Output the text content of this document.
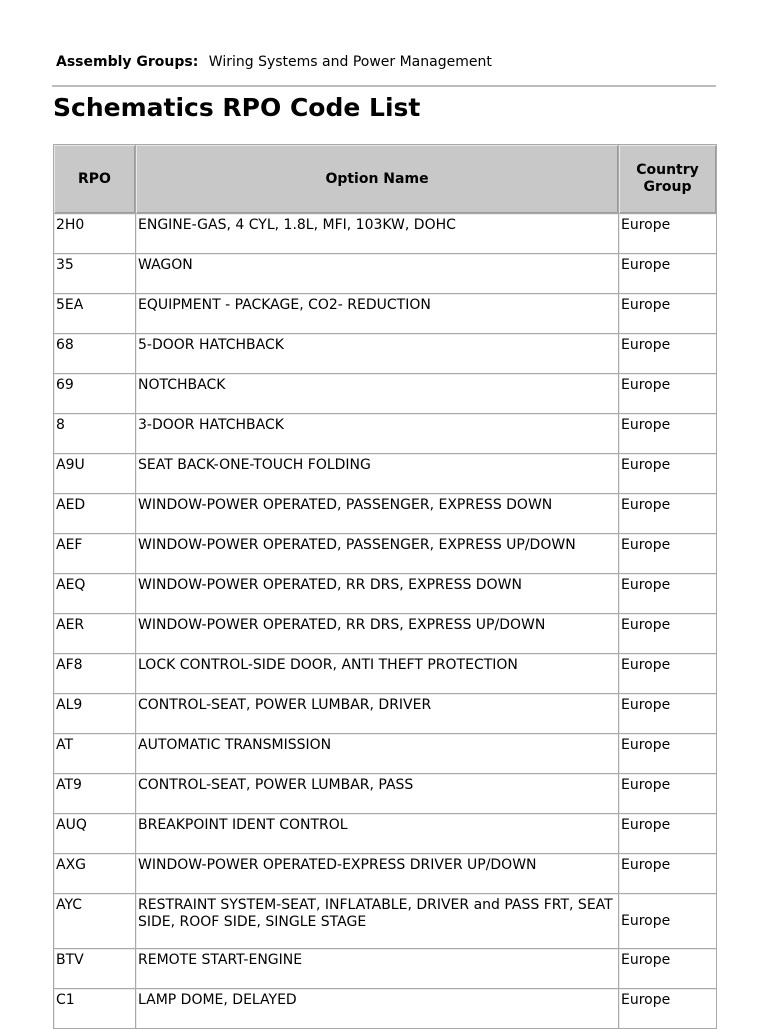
Assembly Groups: Wiring Systems and Power Management
Schematics RPO Code List
RPO	Option Name	Country
Group
2H0	ENGINE-GAS, 4 CYL, 1.8L, MFI, 103KW, DOHC	Europe
35	WAGON	Europe
5EA	EQUIPMENT - PACKAGE, CO2- REDUCTION	Europe
68	5-DOOR HATCHBACK	Europe
69	NOTCHBACK	Europe
8	3-DOOR HATCHBACK	Europe
A9U	SEAT BACK-ONE-TOUCH FOLDING	Europe
AED	WINDOW-POWER OPERATED, PASSENGER, EXPRESS DOWN	Europe
AEF	WINDOW-POWER OPERATED, PASSENGER, EXPRESS UP/DOWN	Europe
AEQ	WINDOW-POWER OPERATED, RR DRS, EXPRESS DOWN	Europe
AER	WINDOW-POWER OPERATED, RR DRS, EXPRESS UP/DOWN	Europe
AF8	LOCK CONTROL-SIDE DOOR, ANTI THEFT PROTECTION	Europe
AL9	CONTROL-SEAT, POWER LUMBAR, DRIVER	Europe
AT	AUTOMATIC TRANSMISSION	Europe
AT9	CONTROL-SEAT, POWER LUMBAR, PASS	Europe
AUQ	BREAKPOINT IDENT CONTROL	Europe
AXG	WINDOW-POWER OPERATED-EXPRESS DRIVER UP/DOWN	Europe
AYC	RESTRAINT SYSTEM-SEAT, INFLATABLE, DRIVER and PASS FRT, SEAT SIDE, ROOF SIDE, SINGLE STAGE	Europe
BTV	REMOTE START-ENGINE	Europe
C1	LAMP DOME, DELAYED	Europe
